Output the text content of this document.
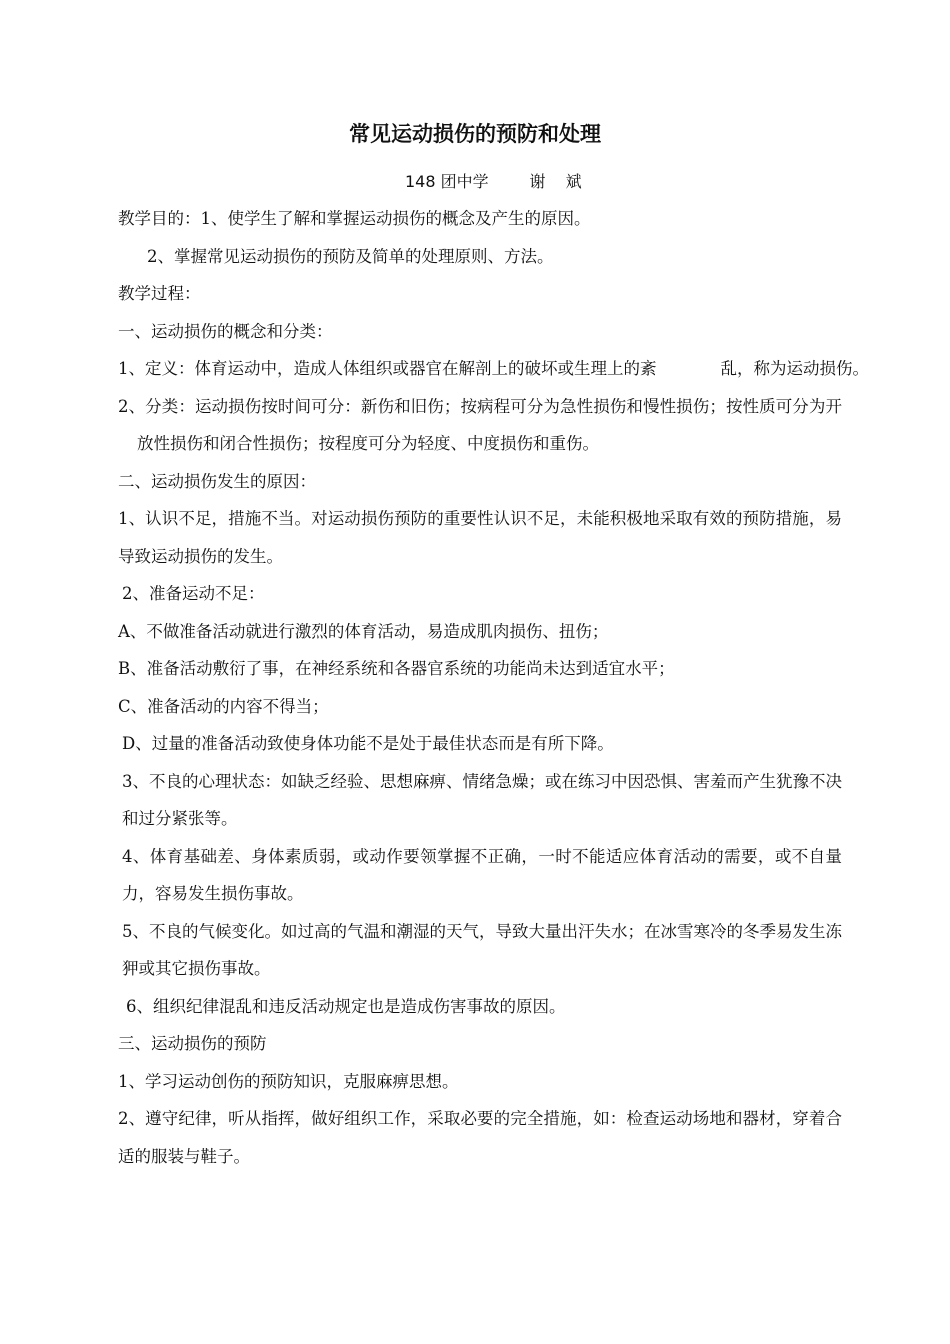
常见运动损伤的预防和处理
148 团中学        谢    斌

教学目的：1、使学生了解和掌握运动损伤的概念及产生的原因。

2、掌握常见运动损伤的预防及简单的处理原则、方法。

教学过程：

一、运动损伤的概念和分类：

1、定义：体育运动中，造成人体组织或器官在解剖上的破坏或生理上的紊	乱，称为运动损伤。

2、分类：运动损伤按时间可分：新伤和旧伤；按病程可分为急性损伤和慢性损伤；按性质可分为开放性损伤和闭合性损伤；按程度可分为轻度、中度损伤和重伤。

二、运动损伤发生的原因：

1、认识不足，措施不当。对运动损伤预防的重要性认识不足，未能积极地采取有效的预防措施，易导致运动损伤的发生。

2、准备运动不足：

A、不做准备活动就进行激烈的体育活动，易造成肌肉损伤、扭伤；

B、准备活动敷衍了事，在神经系统和各器官系统的功能尚未达到适宜水平；

C、准备活动的内容不得当；

D、过量的准备活动致使身体功能不是处于最佳状态而是有所下降。

3、不良的心理状态：如缺乏经验、思想麻痹、情绪急燥；或在练习中因恐惧、害羞而产生犹豫不决和过分紧张等。

4、体育基础差、身体素质弱，或动作要领掌握不正确，一时不能适应体育活动的需要，或不自量力，容易发生损伤事故。

5、不良的气候变化。如过高的气温和潮湿的天气，导致大量出汗失水；在冰雪寒冷的冬季易发生冻狎或其它损伤事故。

6、组织纪律混乱和违反活动规定也是造成伤害事故的原因。

三、运动损伤的预防

1、学习运动创伤的预防知识，克服麻痹思想。

2、遵守纪律，听从指挥，做好组织工作，采取必要的完全措施，如：检查运动场地和器材，穿着合适的服装与鞋子。
